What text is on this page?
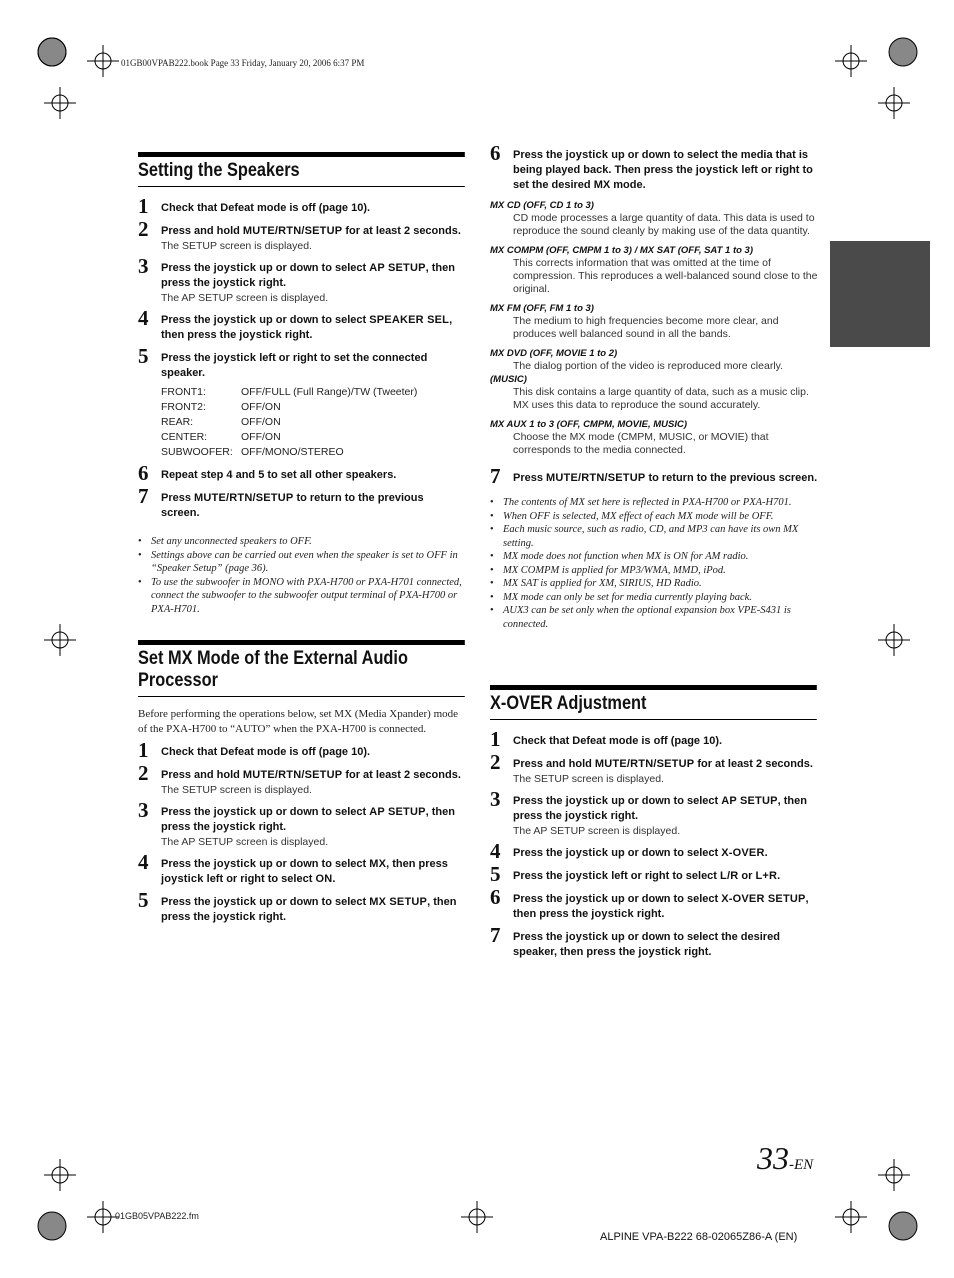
01GB00VPAB222.book Page 33 Friday, January 20, 2006 6:37 PM
Setting the Speakers
1 Check that Defeat mode is off (page 10).
2 Press and hold MUTE/RTN/SETUP for at least 2 seconds.
The SETUP screen is displayed.
3 Press the joystick up or down to select AP SETUP, then press the joystick right.
The AP SETUP screen is displayed.
4 Press the joystick up or down to select SPEAKER SEL, then press the joystick right.
5 Press the joystick left or right to set the connected speaker.
FRONT1:	OFF/FULL (Full Range)/TW (Tweeter)
FRONT2:	OFF/ON
REAR:	OFF/ON
CENTER:	OFF/ON
SUBWOOFER: OFF/MONO/STEREO
6 Repeat step 4 and 5 to set all other speakers.
7 Press MUTE/RTN/SETUP to return to the previous screen.
• Set any unconnected speakers to OFF.
• Settings above can be carried out even when the speaker is set to OFF in “Speaker Setup” (page 36).
• To use the subwoofer in MONO with PXA-H700 or PXA-H701 connected, connect the subwoofer to the subwoofer output terminal of PXA-H700 or PXA-H701.
Set MX Mode of the External Audio Processor
Before performing the operations below, set MX (Media Xpander) mode of the PXA-H700 to “AUTO” when the PXA-H700 is connected.
1 Check that Defeat mode is off (page 10).
2 Press and hold MUTE/RTN/SETUP for at least 2 seconds.
The SETUP screen is displayed.
3 Press the joystick up or down to select AP SETUP, then press the joystick right.
The AP SETUP screen is displayed.
4 Press the joystick up or down to select MX, then press joystick left or right to select ON.
5 Press the joystick up or down to select MX SETUP, then press the joystick right.
6 Press the joystick up or down to select the media that is being played back. Then press the joystick left or right to set the desired MX mode.
MX CD (OFF, CD 1 to 3)
CD mode processes a large quantity of data. This data is used to reproduce the sound cleanly by making use of the data quantity.
MX COMPM (OFF, CMPM 1 to 3) / MX SAT (OFF, SAT 1 to 3)
This corrects information that was omitted at the time of compression. This reproduces a well-balanced sound close to the original.
MX FM (OFF, FM 1 to 3)
The medium to high frequencies become more clear, and produces well balanced sound in all the bands.
MX DVD (OFF, MOVIE 1 to 2)
The dialog portion of the video is reproduced more clearly.
(MUSIC)
This disk contains a large quantity of data, such as a music clip. MX uses this data to reproduce the sound accurately.
MX AUX 1 to 3 (OFF, CMPM, MOVIE, MUSIC)
Choose the MX mode (CMPM, MUSIC, or MOVIE) that corresponds to the media connected.
7 Press MUTE/RTN/SETUP to return to the previous screen.
• The contents of MX set here is reflected in PXA-H700 or PXA-H701.
• When OFF is selected, MX effect of each MX mode will be OFF.
• Each music source, such as radio, CD, and MP3 can have its own MX setting.
• MX mode does not function when MX is ON for AM radio.
• MX COMPM is applied for MP3/WMA, MMD, iPod.
• MX SAT is applied for XM, SIRIUS, HD Radio.
• MX mode can only be set for media currently playing back.
• AUX3 can be set only when the optional expansion box VPE-S431 is connected.
X-OVER Adjustment
1 Check that Defeat mode is off (page 10).
2 Press and hold MUTE/RTN/SETUP for at least 2 seconds.
The SETUP screen is displayed.
3 Press the joystick up or down to select AP SETUP, then press the joystick right.
The AP SETUP screen is displayed.
4 Press the joystick up or down to select X-OVER.
5 Press the joystick left or right to select L/R or L+R.
6 Press the joystick up or down to select X-OVER SETUP, then press the joystick right.
7 Press the joystick up or down to select the desired speaker, then press the joystick right.
33-EN
01GB05VPAB222.fm
ALPINE VPA-B222 68-02065Z86-A (EN)
